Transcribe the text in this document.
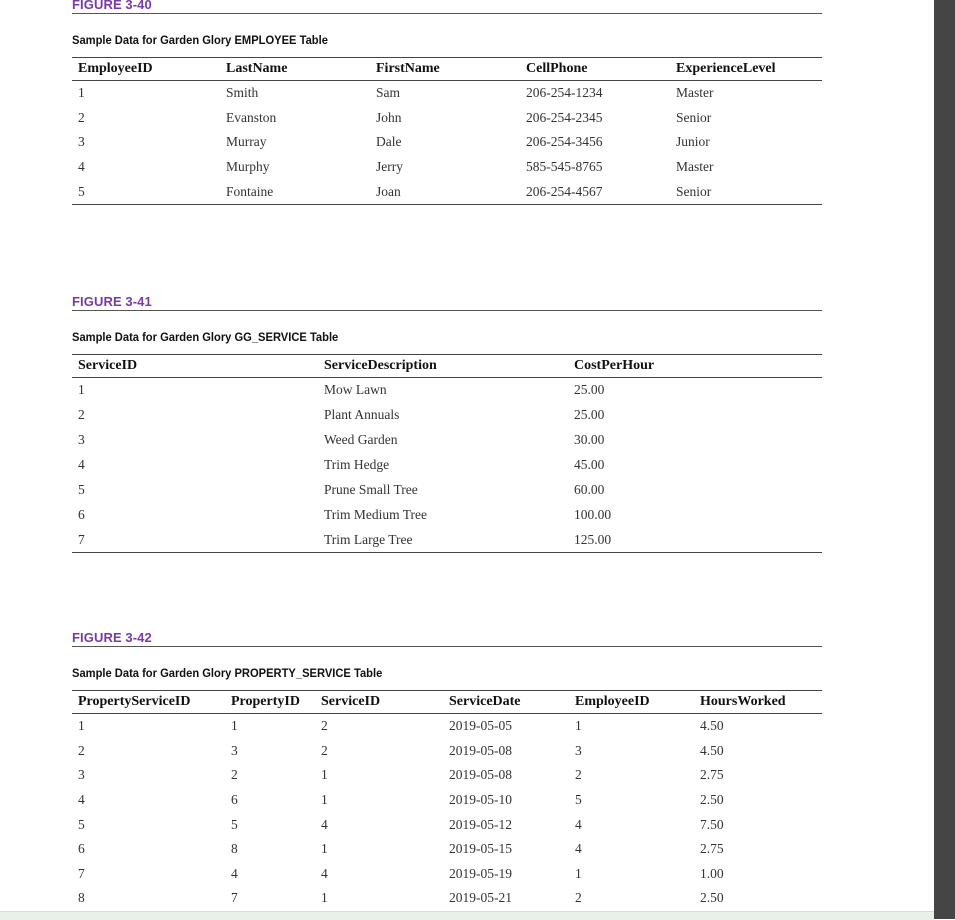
FIGURE 3-40
Sample Data for Garden Glory EMPLOYEE Table
EmployeeID	LastName	FirstName	CellPhone	ExperienceLevel
1	Smith	Sam	206-254-1234	Master
2	Evanston	John	206-254-2345	Senior
3	Murray	Dale	206-254-3456	Junior
4	Murphy	Jerry	585-545-8765	Master
5	Fontaine	Joan	206-254-4567	Senior
FIGURE 3-41
Sample Data for Garden Glory GG_SERVICE Table
ServiceID	ServiceDescription	CostPerHour
1	Mow Lawn	25.00
2	Plant Annuals	25.00
3	Weed Garden	30.00
4	Trim Hedge	45.00
5	Prune Small Tree	60.00
6	Trim Medium Tree	100.00
7	Trim Large Tree	125.00
FIGURE 3-42
Sample Data for Garden Glory PROPERTY_SERVICE Table
PropertyServiceID	PropertyID	ServiceID	ServiceDate	EmployeeID	HoursWorked
1	1	2	2019-05-05	1	4.50
2	3	2	2019-05-08	3	4.50
3	2	1	2019-05-08	2	2.75
4	6	1	2019-05-10	5	2.50
5	5	4	2019-05-12	4	7.50
6	8	1	2019-05-15	4	2.75
7	4	4	2019-05-19	1	1.00
8	7	1	2019-05-21	2	2.50
